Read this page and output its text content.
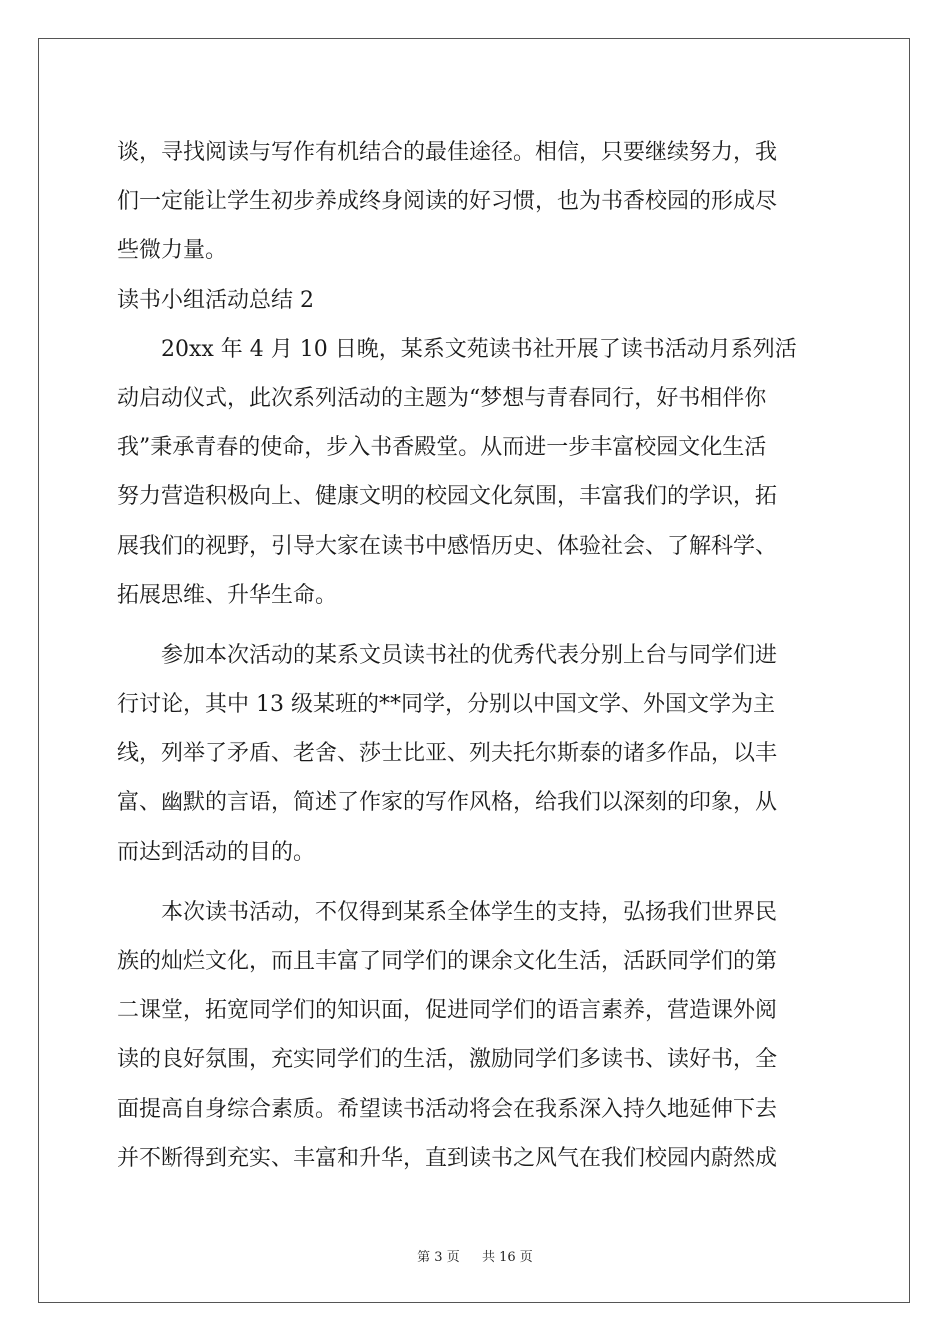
谈，寻找阅读与写作有机结合的最佳途径。相信，只要继续努力，我
们一定能让学生初步养成终身阅读的好习惯，也为书香校园的形成尽
些微力量。
读书小组活动总结 2
　　20xx 年 4 月 10 日晚，某系文苑读书社开展了读书活动月系列活
动启动仪式，此次系列活动的主题为“梦想与青春同行，好书相伴你
我”秉承青春的使命，步入书香殿堂。从而进一步丰富校园文化生活
努力营造积极向上、健康文明的校园文化氛围，丰富我们的学识，拓
展我们的视野，引导大家在读书中感悟历史、体验社会、了解科学、
拓展思维、升华生命。
　　参加本次活动的某系文员读书社的优秀代表分别上台与同学们进
行讨论，其中 13 级某班的**同学，分别以中国文学、外国文学为主
线，列举了矛盾、老舍、莎士比亚、列夫托尔斯泰的诸多作品，以丰
富、幽默的言语，简述了作家的写作风格，给我们以深刻的印象，从
而达到活动的目的。
　　本次读书活动，不仅得到某系全体学生的支持，弘扬我们世界民
族的灿烂文化，而且丰富了同学们的课余文化生活，活跃同学们的第
二课堂，拓宽同学们的知识面，促进同学们的语言素养，营造课外阅
读的良好氛围，充实同学们的生活，激励同学们多读书、读好书，全
面提高自身综合素质。希望读书活动将会在我系深入持久地延伸下去
并不断得到充实、丰富和升华，直到读书之风气在我们校园内蔚然成
第 3 页 共 16 页
